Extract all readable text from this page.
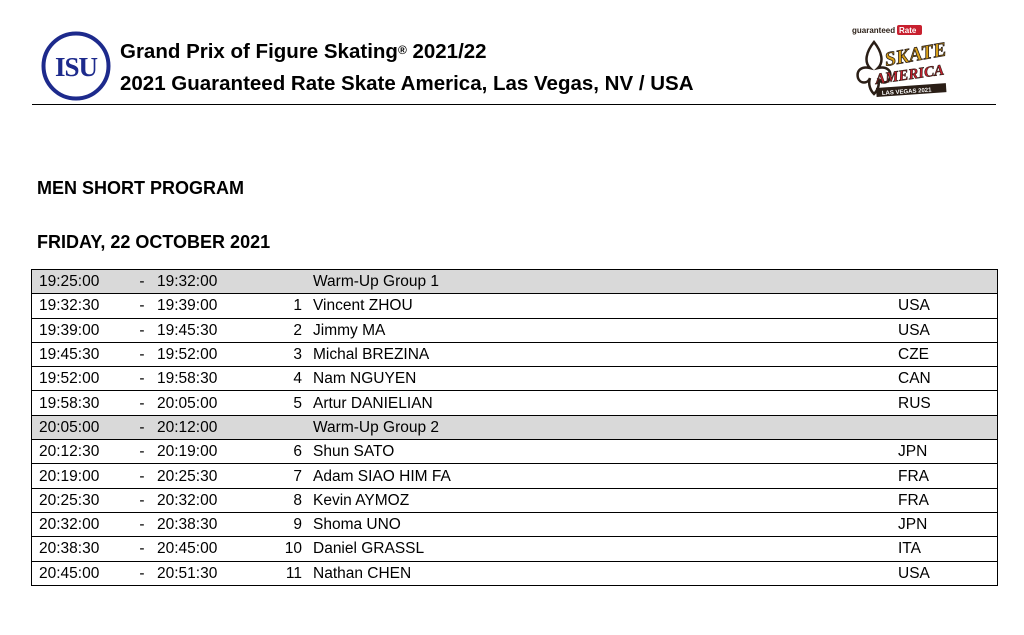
ISU
Grand Prix of Figure Skating® 2021/22
2021 Guaranteed Rate Skate America, Las Vegas, NV / USA
guaranteed Rate
SKATE
AMERICA
LAS VEGAS 2021
MEN SHORT PROGRAM
FRIDAY, 22 OCTOBER 2021
19:25:00	-	19:32:00		Warm-Up Group 1	
19:32:30	-	19:39:00	1	Vincent ZHOU	USA
19:39:00	-	19:45:30	2	Jimmy MA	USA
19:45:30	-	19:52:00	3	Michal BREZINA	CZE
19:52:00	-	19:58:30	4	Nam NGUYEN	CAN
19:58:30	-	20:05:00	5	Artur DANIELIAN	RUS
20:05:00	-	20:12:00		Warm-Up Group 2	
20:12:30	-	20:19:00	6	Shun SATO	JPN
20:19:00	-	20:25:30	7	Adam SIAO HIM FA	FRA
20:25:30	-	20:32:00	8	Kevin AYMOZ	FRA
20:32:00	-	20:38:30	9	Shoma UNO	JPN
20:38:30	-	20:45:00	10	Daniel GRASSL	ITA
20:45:00	-	20:51:30	11	Nathan CHEN	USA
